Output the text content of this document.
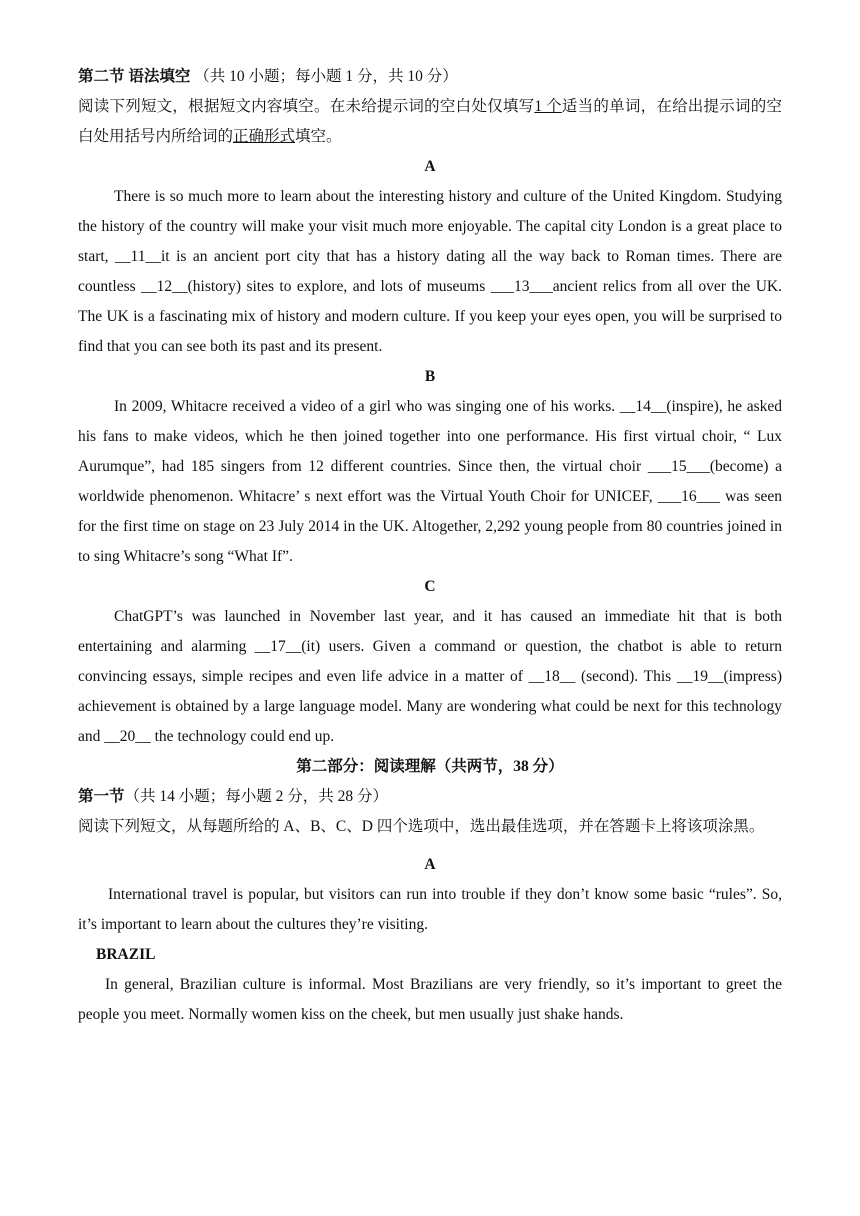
第二节 语法填空 （共 10 小题；每小题 1 分，共 10 分）

阅读下列短文，根据短文内容填空。在未给提示词的空白处仅填写1 个适当的单词，在给出提示词的空白处用括号内所给词的正确形式填空。

A

There is so much more to learn about the interesting history and culture of the United Kingdom. Studying the history of the country will make your visit much more enjoyable. The capital city London is a great place to start, __11__it is an ancient port city that has a history dating all the way back to Roman times. There are countless __12__(history) sites to explore, and lots of museums ___13___ancient relics from all over the UK. The UK is a fascinating mix of history and modern culture. If you keep your eyes open, you will be surprised to find that you can see both its past and its present.

B

In 2009, Whitacre received a video of a girl who was singing one of his works. __14__(inspire), he asked his fans to make videos, which he then joined together into one performance. His first virtual choir, “ Lux Aurumque”, had 185 singers from 12 different countries. Since then, the virtual choir ___15___(become) a worldwide phenomenon. Whitacre’ s next effort was the Virtual Youth Choir for UNICEF, ___16___ was seen for the first time on stage on 23 July 2014 in the UK. Altogether, 2,292 young people from 80 countries joined in to sing Whitacre’s song “What If”.

C

ChatGPT’s was launched in November last year, and it has caused an immediate hit that is both entertaining and alarming __17__(it) users. Given a command or question, the chatbot is able to return convincing essays, simple recipes and even life advice in a matter of __18__ (second). This __19__(impress) achievement is obtained by a large language model. Many are wondering what could be next for this technology and __20__ the technology could end up.

第二部分：阅读理解（共两节，38 分）

第一节（共 14 小题；每小题 2 分，共 28 分）

阅读下列短文，从每题所给的 A、B、C、D 四个选项中，选出最佳选项，并在答题卡上将该项涂黑。

A

International travel is popular, but visitors can run into trouble if they don’t know some basic “rules”. So, it’s important to learn about the cultures they’re visiting.

BRAZIL

In general, Brazilian culture is informal. Most Brazilians are very friendly, so it’s important to greet the people you meet. Normally women kiss on the cheek, but men usually just shake hands.
